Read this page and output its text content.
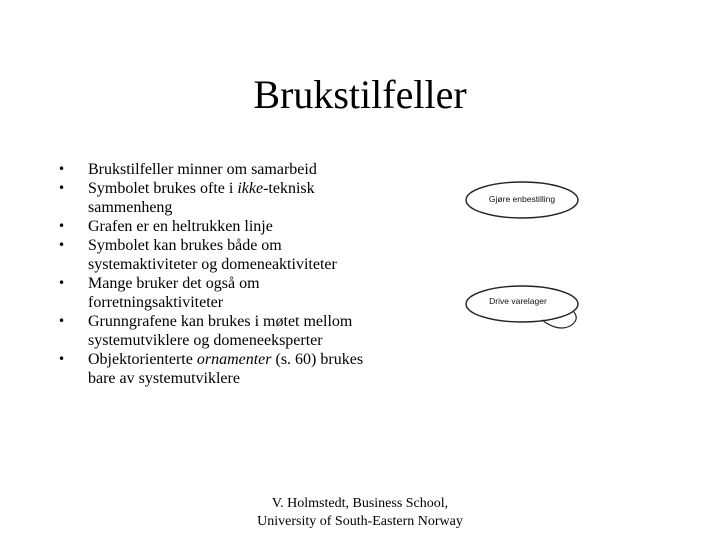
Brukstilfeller
• Brukstilfeller minner om samarbeid
• Symbolet brukes ofte i ikke-teknisk sammenheng
• Grafen er en heltrukken linje
• Symbolet kan brukes både om systemaktiviteter og domeneaktiviteter
• Mange bruker det også om forretningsaktiviteter
• Grunngrafene kan brukes i møtet mellom systemutviklere og domeneeksperter
• Objektorienterte ornamenter (s. 60) brukes bare av systemutviklere
Gjøre enbestilling
Drive varelager
V. Holmstedt, Business School,
University of South-Eastern Norway
